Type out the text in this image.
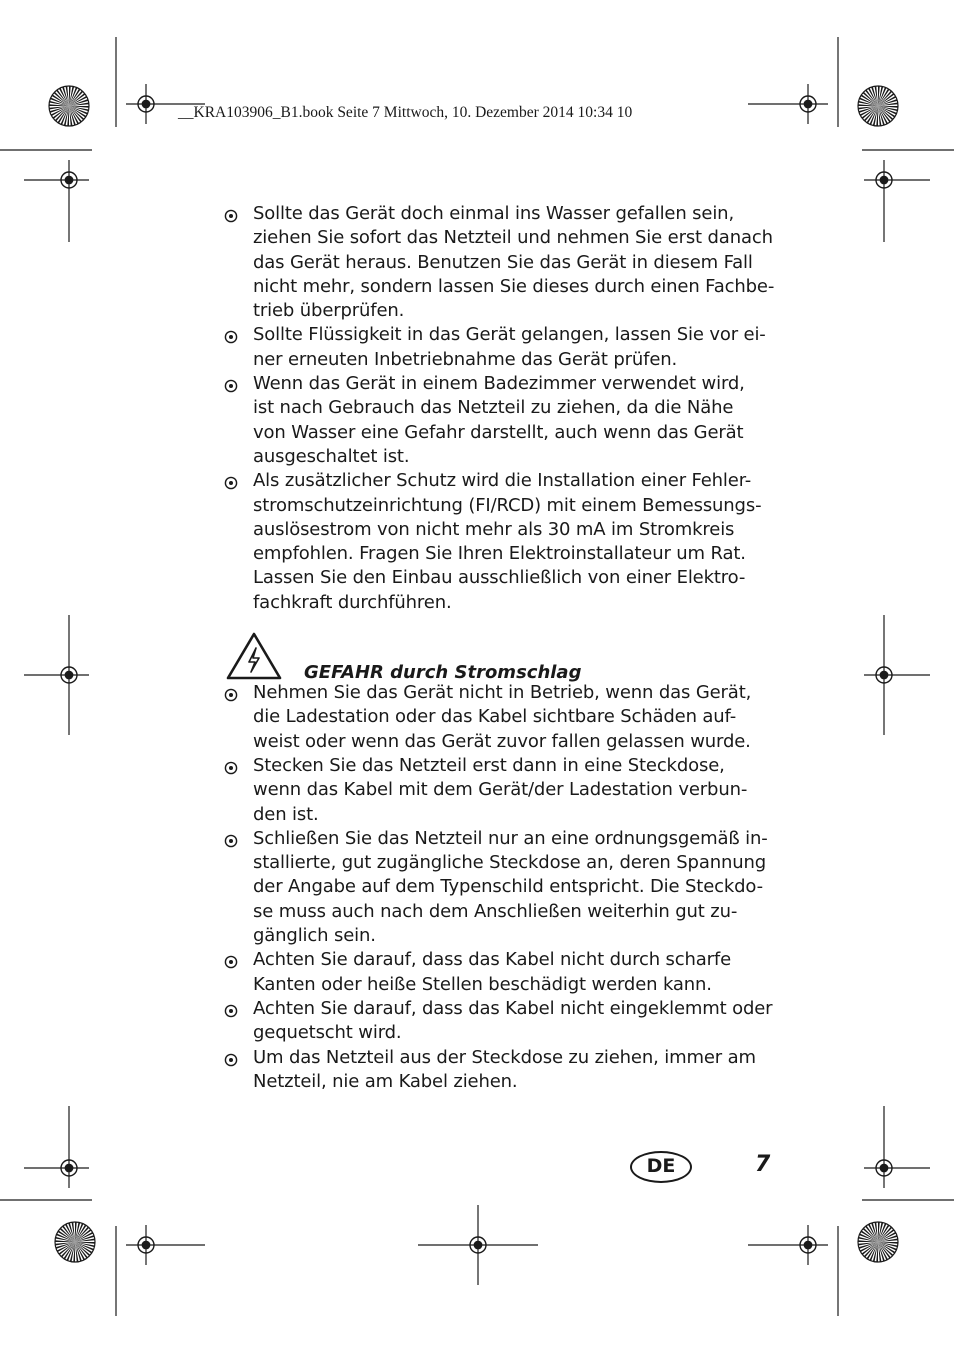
__KRA103906_B1.book Seite 7 Mittwoch, 10. Dezember 2014 10:34 10
Sollte das Gerät doch einmal ins Wasser gefallen sein,
ziehen Sie sofort das Netzteil und nehmen Sie erst danach
das Gerät heraus. Benutzen Sie das Gerät in diesem Fall
nicht mehr, sondern lassen Sie dieses durch einen Fachbe-
trieb überprüfen.
Sollte Flüssigkeit in das Gerät gelangen, lassen Sie vor ei-
ner erneuten Inbetriebnahme das Gerät prüfen.
Wenn das Gerät in einem Badezimmer verwendet wird,
ist nach Gebrauch das Netzteil zu ziehen, da die Nähe
von Wasser eine Gefahr darstellt, auch wenn das Gerät
ausgeschaltet ist.
Als zusätzlicher Schutz wird die Installation einer Fehler-
stromschutzeinrichtung (FI/RCD) mit einem Bemessungs-
auslösestrom von nicht mehr als 30 mA im Stromkreis
empfohlen. Fragen Sie Ihren Elektroinstallateur um Rat.
Lassen Sie den Einbau ausschließlich von einer Elektro-
fachkraft durchführen.
GEFAHR durch Stromschlag
Nehmen Sie das Gerät nicht in Betrieb, wenn das Gerät,
die Ladestation oder das Kabel sichtbare Schäden auf-
weist oder wenn das Gerät zuvor fallen gelassen wurde.
Stecken Sie das Netzteil erst dann in eine Steckdose,
wenn das Kabel mit dem Gerät/der Ladestation verbun-
den ist.
Schließen Sie das Netzteil nur an eine ordnungsgemäß in-
stallierte, gut zugängliche Steckdose an, deren Spannung
der Angabe auf dem Typenschild entspricht. Die Steckdo-
se muss auch nach dem Anschließen weiterhin gut zu-
gänglich sein.
Achten Sie darauf, dass das Kabel nicht durch scharfe
Kanten oder heiße Stellen beschädigt werden kann.
Achten Sie darauf, dass das Kabel nicht eingeklemmt oder
gequetscht wird.
Um das Netzteil aus der Steckdose zu ziehen, immer am
Netzteil, nie am Kabel ziehen.
DE	7
